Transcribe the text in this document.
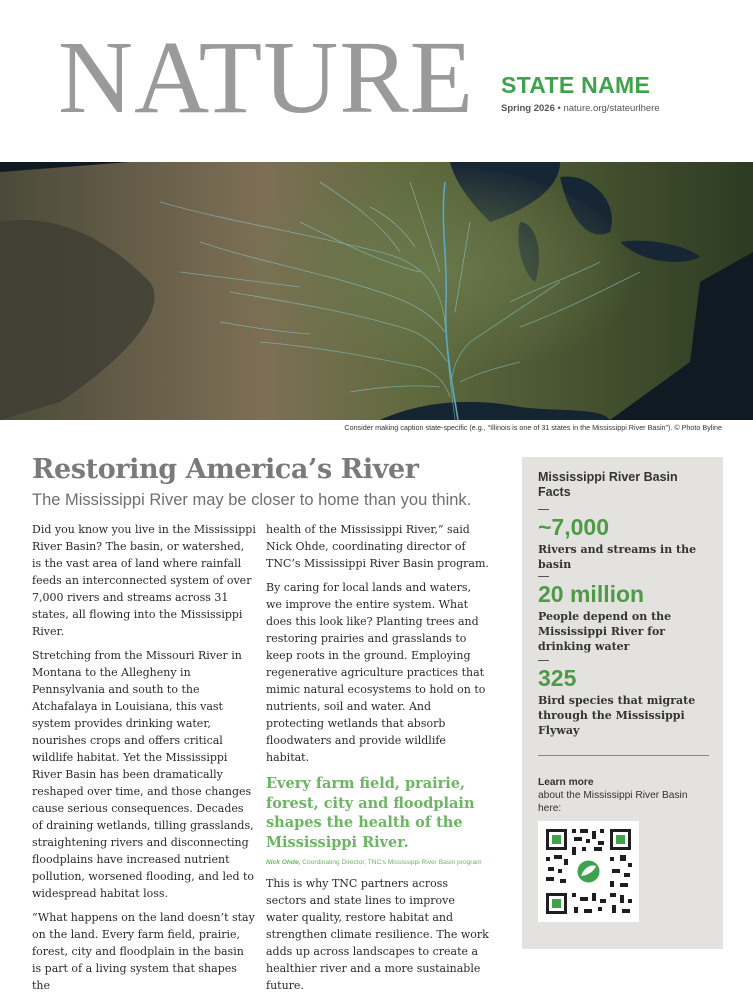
NATURE STATE NAME
Spring 2026 • nature.org/stateurlhere
Consider making caption state-specific (e.g., “Illinois is one of 31 states in the Mississippi River Basin”). © Photo Byline
Restoring America’s River
The Mississippi River may be closer to home than you think.

Did you know you live in the Mississippi River Basin? The basin, or watershed, is the vast area of land where rainfall feeds an interconnected system of over 7,000 rivers and streams across 31 states, all flowing into the Mississippi River.

Stretching from the Missouri River in Montana to the Allegheny in Pennsylvania and south to the Atchafalaya in Louisiana, this vast system provides drinking water, nourishes crops and offers critical wildlife habitat. Yet the Mississippi River Basin has been dramatically reshaped over time, and those changes cause serious consequences. Decades of draining wetlands, tilling grasslands, straightening rivers and disconnecting floodplains have increased nutrient pollution, worsened flooding, and led to widespread habitat loss.

“What happens on the land doesn’t stay on the land. Every farm field, prairie, forest, city and floodplain in the basin is part of a living system that shapes the

health of the Mississippi River,” said Nick Ohde, coordinating director of TNC’s Mississippi River Basin program.

By caring for local lands and waters, we improve the entire system. What does this look like? Planting trees and restoring prairies and grasslands to keep roots in the ground. Employing regenerative agriculture practices that mimic natural ecosystems to hold on to nutrients, soil and water. And protecting wetlands that absorb floodwaters and provide wildlife habitat.

Every farm field, prairie, forest, city and floodplain shapes the health of the Mississippi River.
Nick Ohde, Coordinating Director, TNC’s Mississippi River Basin program

This is why TNC partners across sectors and state lines to improve water quality, restore habitat and strengthen climate resilience. The work adds up across landscapes to create a healthier river and a more sustainable future.

Mississippi River Basin Facts
~7,000
Rivers and streams in the basin
20 million
People depend on the Mississippi River for drinking water
325
Bird species that migrate through the Mississippi Flyway
Learn more
about the Mississippi River Basin here:
